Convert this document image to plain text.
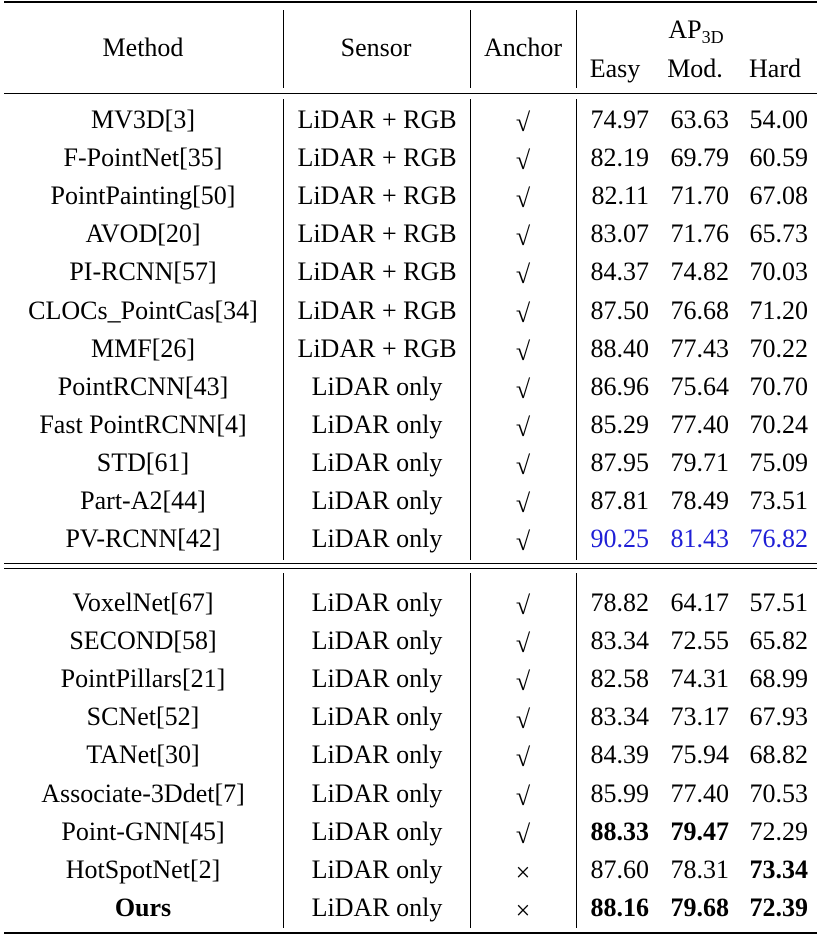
Method	Sensor	Anchor
$AP_{3D}$
Easy Mod. Hard
MV3D[3]	LiDAR + RGB √ 74.97 63.63 54.00
F-PointNet[35]	LiDAR + RGB √ 82.19 69.79 60.59
PointPainting[50] LiDAR + RGB √ 82.11 71.70 67.08
AVOD[20]	LiDAR + RGB √ 83.07 71.76 65.73
PI-RCNN[57]	LiDAR + RGB √ 84.37 74.82 70.03
CLOCs_PointCas[34] LiDAR + RGB √ 87.50 76.68 71.20
MMF[26]	LiDAR + RGB √ 88.40 77.43 70.22
PointRCNN[43]	LiDAR only	√ 86.96 75.64 70.70
Fast PointRCNN[4] LiDAR only	√ 85.29 77.40 70.24
STD[61]	LiDAR only	√ 87.95 79.71 75.09
Part-A2[44]	LiDAR only	√ 87.81 78.49 73.51
PV-RCNN[42]	LiDAR only	√ 90.25 81.43 76.82
VoxelNet[67]	LiDAR only	√ 78.82 64.17 57.51
SECOND[58]	LiDAR only	√ 83.34 72.55 65.82
PointPillars[21]	LiDAR only	√ 82.58 74.31 68.99
SCNet[52]	LiDAR only	√ 83.34 73.17 67.93
TANet[30]	LiDAR only	√ 84.39 75.94 68.82
Associate-3Ddet[7]	LiDAR only	√ 85.99 77.40 70.53
Point-GNN[45]	LiDAR only	√ 88.33 79.47 72.29
HotSpotNet[2]	LiDAR only	× 87.60 78.31 73.34
Ours	LiDAR only	× 88.16 79.68 72.39
